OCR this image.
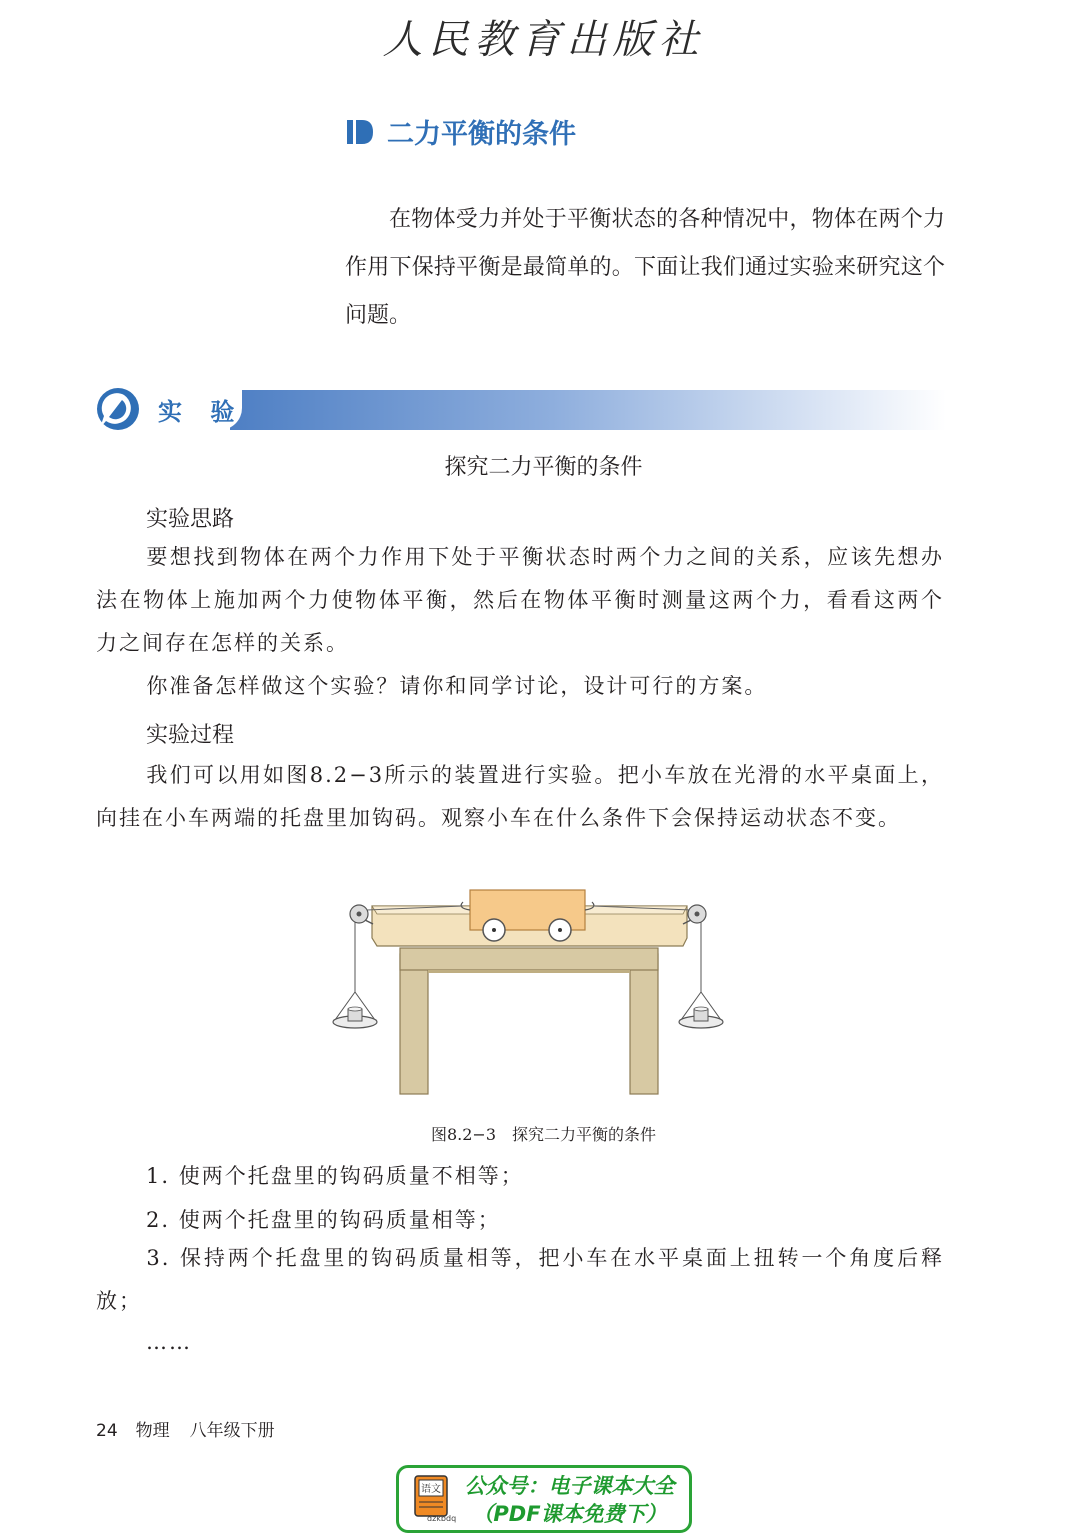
人民教育出版社
二力平衡的条件
在物体受力并处于平衡状态的各种情况中，物体在两个力作用下保持平衡是最简单的。下面让我们通过实验来研究这个问题。
实 验
探究二力平衡的条件
实验思路
要想找到物体在两个力作用下处于平衡状态时两个力之间的关系，应该先想办法在物体上施加两个力使物体平衡，然后在物体平衡时测量这两个力，看看这两个力之间存在怎样的关系。
你准备怎样做这个实验？请你和同学讨论，设计可行的方案。
实验过程
我们可以用如图8.2−3所示的装置进行实验。把小车放在光滑的水平桌面上，向挂在小车两端的托盘里加钩码。观察小车在什么条件下会保持运动状态不变。
图8.2−3　探究二力平衡的条件
1. 使两个托盘里的钩码质量不相等；
2. 使两个托盘里的钩码质量相等；
3. 保持两个托盘里的钩码质量相等，把小车在水平桌面上扭转一个角度后释放；
……
24 物理 八年级下册
语文
dzkbdq
公众号：电子课本大全
（PDF课本免费下）
